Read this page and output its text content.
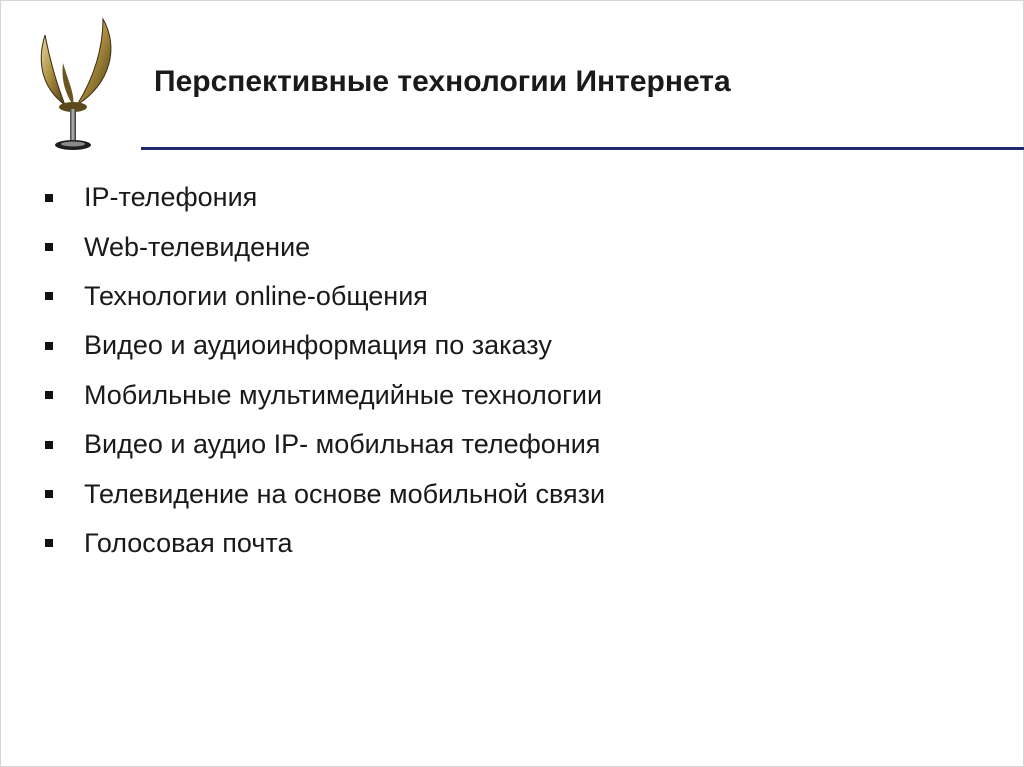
Перспективные технологии Интернета
IP-телефония
Web-телевидение
Технологии online-общения
Видео и аудиоинформация по заказу
Мобильные мультимедийные технологии
Видео и аудио IP- мобильная телефония
Телевидение на основе мобильной связи
Голосовая почта
